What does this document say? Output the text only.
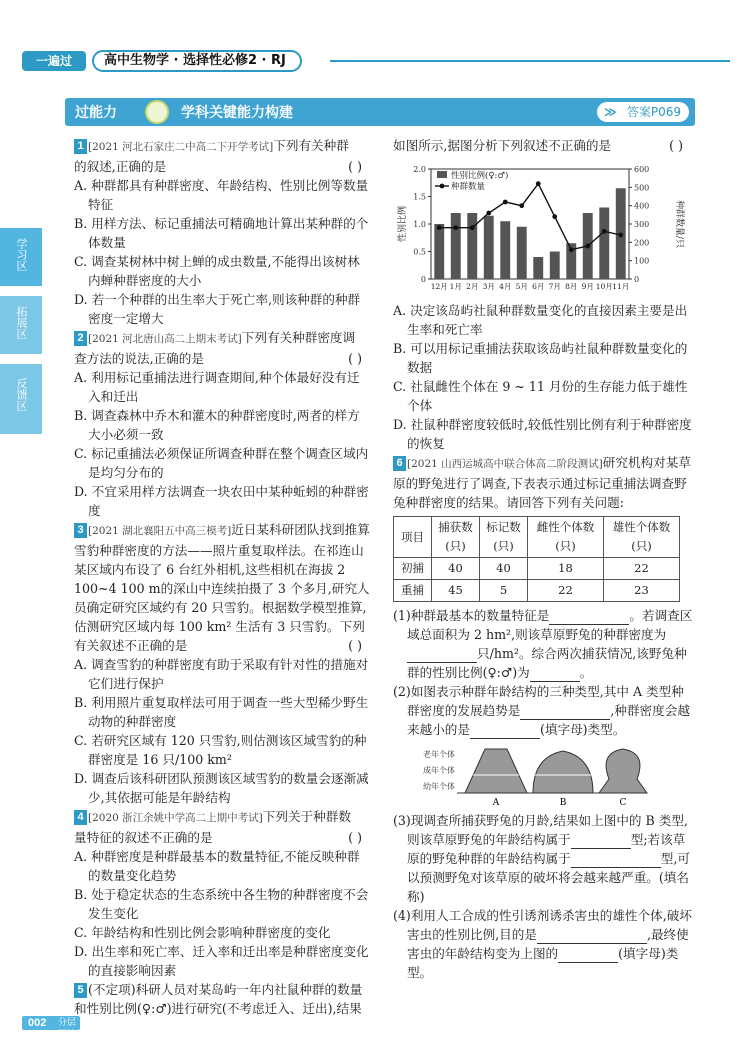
一遍过	高中生物学 · 选择性必修2 · RJ
过能力	学科关键能力构建	≫ 答案P069
学习区
拓展区
反馈区

1 [2021 河北石家庄二中高二下开学考试]下列有关种群

的叙述,正确的是	( )

A. 种群都具有种群密度、年龄结构、性别比例等数量特征

B. 用样方法、标记重捕法可精确地计算出某种群的个体数量

C. 调查某树林中树上蝉的成虫数量,不能得出该树林内蝉种群密度的大小

D. 若一个种群的出生率大于死亡率,则该种群的种群密度一定增大

2 [2021 河北唐山高二上期末考试]下列有关种群密度调

查方法的说法,正确的是	( )

A. 利用标记重捕法进行调查期间,种个体最好没有迁入和迁出

B. 调查森林中乔木和灌木的种群密度时,两者的样方大小必须一致

C. 标记重捕法必须保证所调查种群在整个调查区域内是均匀分布的

D. 不宜采用样方法调查一块农田中某种蚯蚓的种群密度

3 [2021 湖北襄阳五中高三模考]近日某科研团队找到推算雪豹种群密度的方法——照片重复取样法。在祁连山某区域内布设了 6 台红外相机,这些相机在海拔 2 100~4 100 m的深山中连续拍摄了 3 个多月,研究人员确定研究区域约有 20 只雪豹。根据数学模型推算,估测研究区域内每 100 km² 生活有 3 只雪豹。下列有关叙述不正确的是	( )

A. 调查雪豹的种群密度有助于采取有针对性的措施对它们进行保护

B. 利用照片重复取样法可用于调查一些大型稀少野生动物的种群密度

C. 若研究区域有 120 只雪豹,则估测该区域雪豹的种群密度是 16 只/100 km²

D. 调查后该科研团队预测该区域雪豹的数量会逐渐减少,其依据可能是年龄结构

4 [2020 浙江余姚中学高二上期中考试]下列关于种群数

量特征的叙述不正确的是	( )

A. 种群密度是种群最基本的数量特征,不能反映种群的数量变化趋势

B. 处于稳定状态的生态系统中各生物的种群密度不会发生变化

C. 年龄结构和性别比例会影响种群密度的变化

D. 出生率和死亡率、迁入率和迁出率是种群密度变化的直接影响因素

5 (不定项)科研人员对某岛屿一年内社鼠种群的数量和性别比例(♀:♂)进行研究(不考虑迁入、迁出),结果

如图所示,据图分析下列叙述不正确的是	( )

0
0.5
1.0
1.5
2.0
0
100
200
300
400
500
600
12月 1月 2月 3月 4月 5月 6月 7月 8月 9月 10月 11月
性别比例(♀:♂)
种群数量
性别比例	种群数量/只

A. 决定该岛屿社鼠种群数量变化的直接因素主要是出生率和死亡率

B. 可以用标记重捕法获取该岛屿社鼠种群数量变化的数据

C. 社鼠雌性个体在 9 ~ 11 月份的生存能力低于雄性个体

D. 社鼠种群密度较低时,较低性别比例有利于种群密度的恢复

6 [2021 山西运城高中联合体高二阶段测试]研究机构对某草原的野兔进行了调查,下表表示通过标记重捕法调查野兔种群密度的结果。请回答下列有关问题:

项目	捕获数(只)	标记数(只)	雌性个体数(只)	雄性个体数(只)
初捕	40	40	18	22
重捕	45	5	22	23

(1)种群最基本的数量特征是	。若调查区域总面积为 2 hm²,则该草原野兔的种群密度为只/hm²。综合两次捕获情况,该野兔种群的性别比例(♀:♂)为	。

(2)如图表示种群年龄结构的三种类型,其中 A 类型种群密度的发展趋势是	,种群密度会越来越小的是	(填字母)类型。

老年个体
成年个体
幼年个体
A	B	C

(3)现调查所捕获野兔的月龄,结果如上图中的 B 类型,则该草原野兔的年龄结构属于	型;若该草原的野兔种群的年龄结构属于	型,可以预测野兔对该草原的破坏将会越来越严重。(填名称)

(4)利用人工合成的性引诱剂诱杀害虫的雄性个体,破坏害虫的性别比例,目的是	,最终使害虫的年龄结构变为上图的	(填字母)类型。

002 分层训练
